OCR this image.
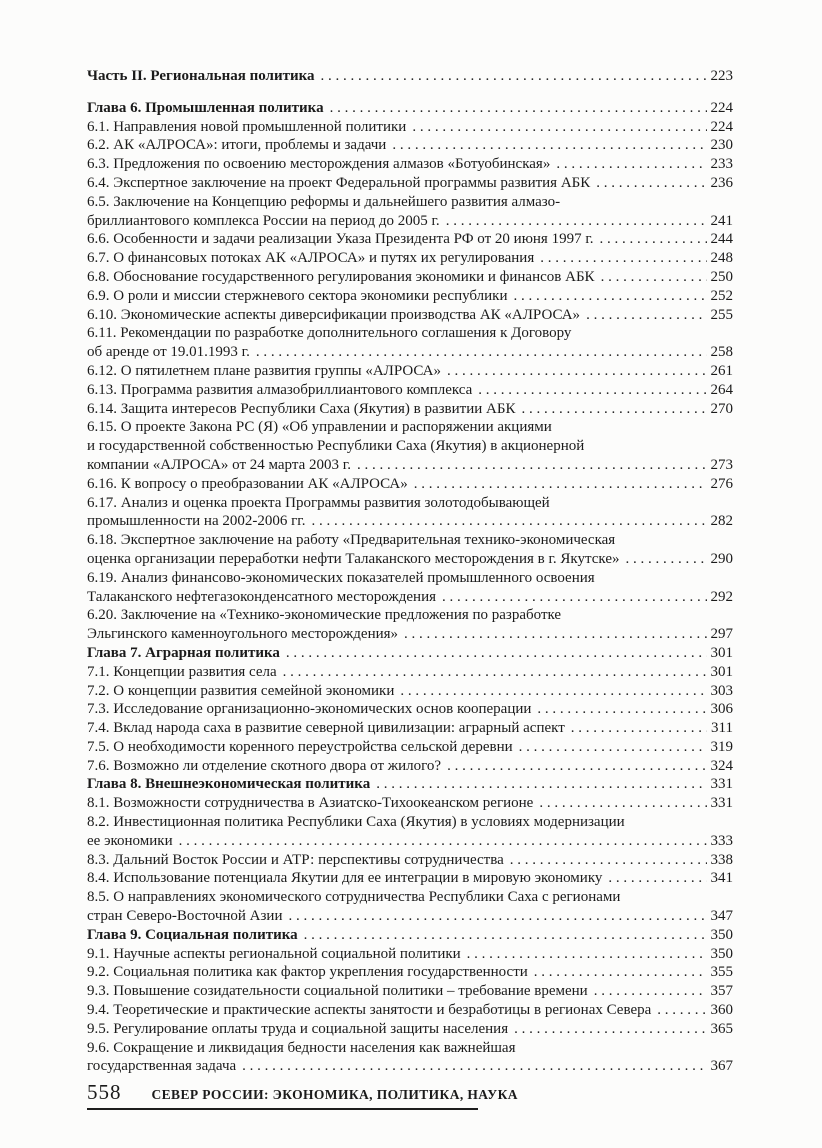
Часть II. Региональная политика . . .	223
Глава 6. Промышленная политика . . .	224
6.1. Направления новой промышленной политики . . .	224
6.2. АК «АЛРОСА»: итоги, проблемы и задачи . . .	230
6.3. Предложения по освоению месторождения алмазов «Ботуобинская» . . .	233
6.4. Экспертное заключение на проект Федеральной программы развития АБК . . .	236
6.5. Заключение на Концепцию реформы и дальнейшего развития алмазо-
бриллиантового комплекса России на период до 2005 г. . . .	241
6.6. Особенности и задачи реализации Указа Президента РФ от 20 июня 1997 г. . . .	244
6.7. О финансовых потоках АК «АЛРОСА» и путях их регулирования . . .	248
6.8. Обоснование государственного регулирования экономики и финансов АБК . . .	250
6.9. О роли и миссии стержневого сектора экономики республики . . .	252
6.10. Экономические аспекты диверсификации производства АК «АЛРОСА» . . .	255
6.11. Рекомендации по разработке дополнительного соглашения к Договору
об аренде от 19.01.1993 г. . . .	258
6.12. О пятилетнем плане развития группы «АЛРОСА» . . .	261
6.13. Программа развития алмазобриллиантового комплекса . . .	264
6.14. Защита интересов Республики Саха (Якутия) в развитии АБК . . .	270
6.15. О проекте Закона РС (Я) «Об управлении и распоряжении акциями
и государственной собственностью Республики Саха (Якутия) в акционерной
компании «АЛРОСА» от 24 марта 2003 г. . . .	273
6.16. К вопросу о преобразовании АК «АЛРОСА» . . .	276
6.17. Анализ и оценка проекта Программы развития золотодобывающей
промышленности на 2002-2006 гг. . . .	282
6.18. Экспертное заключение на работу «Предварительная технико-экономическая
оценка организации переработки нефти Талаканского месторождения в г. Якутске» . . .	290
6.19. Анализ финансово-экономических показателей промышленного освоения
Талаканского нефтегазоконденсатного месторождения . . .	292
6.20. Заключение на «Технико-экономические предложения по разработке
Эльгинского каменноугольного месторождения» . . .	297
Глава 7. Аграрная политика . . .	301
7.1. Концепции развития села . . .	301
7.2. О концепции развития семейной экономики . . .	303
7.3. Исследование организационно-экономических основ кооперации . . .	306
7.4. Вклад народа саха в развитие северной цивилизации: аграрный аспект . . .	311
7.5. О необходимости коренного переустройства сельской деревни . . .	319
7.6. Возможно ли отделение скотного двора от жилого? . . .	324
Глава 8. Внешнеэкономическая политика . . .	331
8.1. Возможности сотрудничества в Азиатско-Тихоокеанском регионе . . .	331
8.2. Инвестиционная политика Республики Саха (Якутия) в условиях модернизации
ее экономики . . .	333
8.3. Дальний Восток России и АТР: перспективы сотрудничества . . .	338
8.4. Использование потенциала Якутии для ее интеграции в мировую экономику . . .	341
8.5. О направлениях экономического сотрудничества Республики Саха с регионами
стран Северо-Восточной Азии . . .	347
Глава 9. Социальная политика . . .	350
9.1. Научные аспекты региональной социальной политики . . .	350
9.2. Социальная политика как фактор укрепления государственности . . .	355
9.3. Повышение созидательности социальной политики – требование времени . . .	357
9.4. Теоретические и практические аспекты занятости и безработицы в регионах Севера . . .	360
9.5. Регулирование оплаты труда и социальной защиты населения . . .	365
9.6. Сокращение и ликвидация бедности населения как важнейшая
государственная задача . . .	367
558 СЕВЕР РОССИИ: ЭКОНОМИКА, ПОЛИТИКА, НАУКА
